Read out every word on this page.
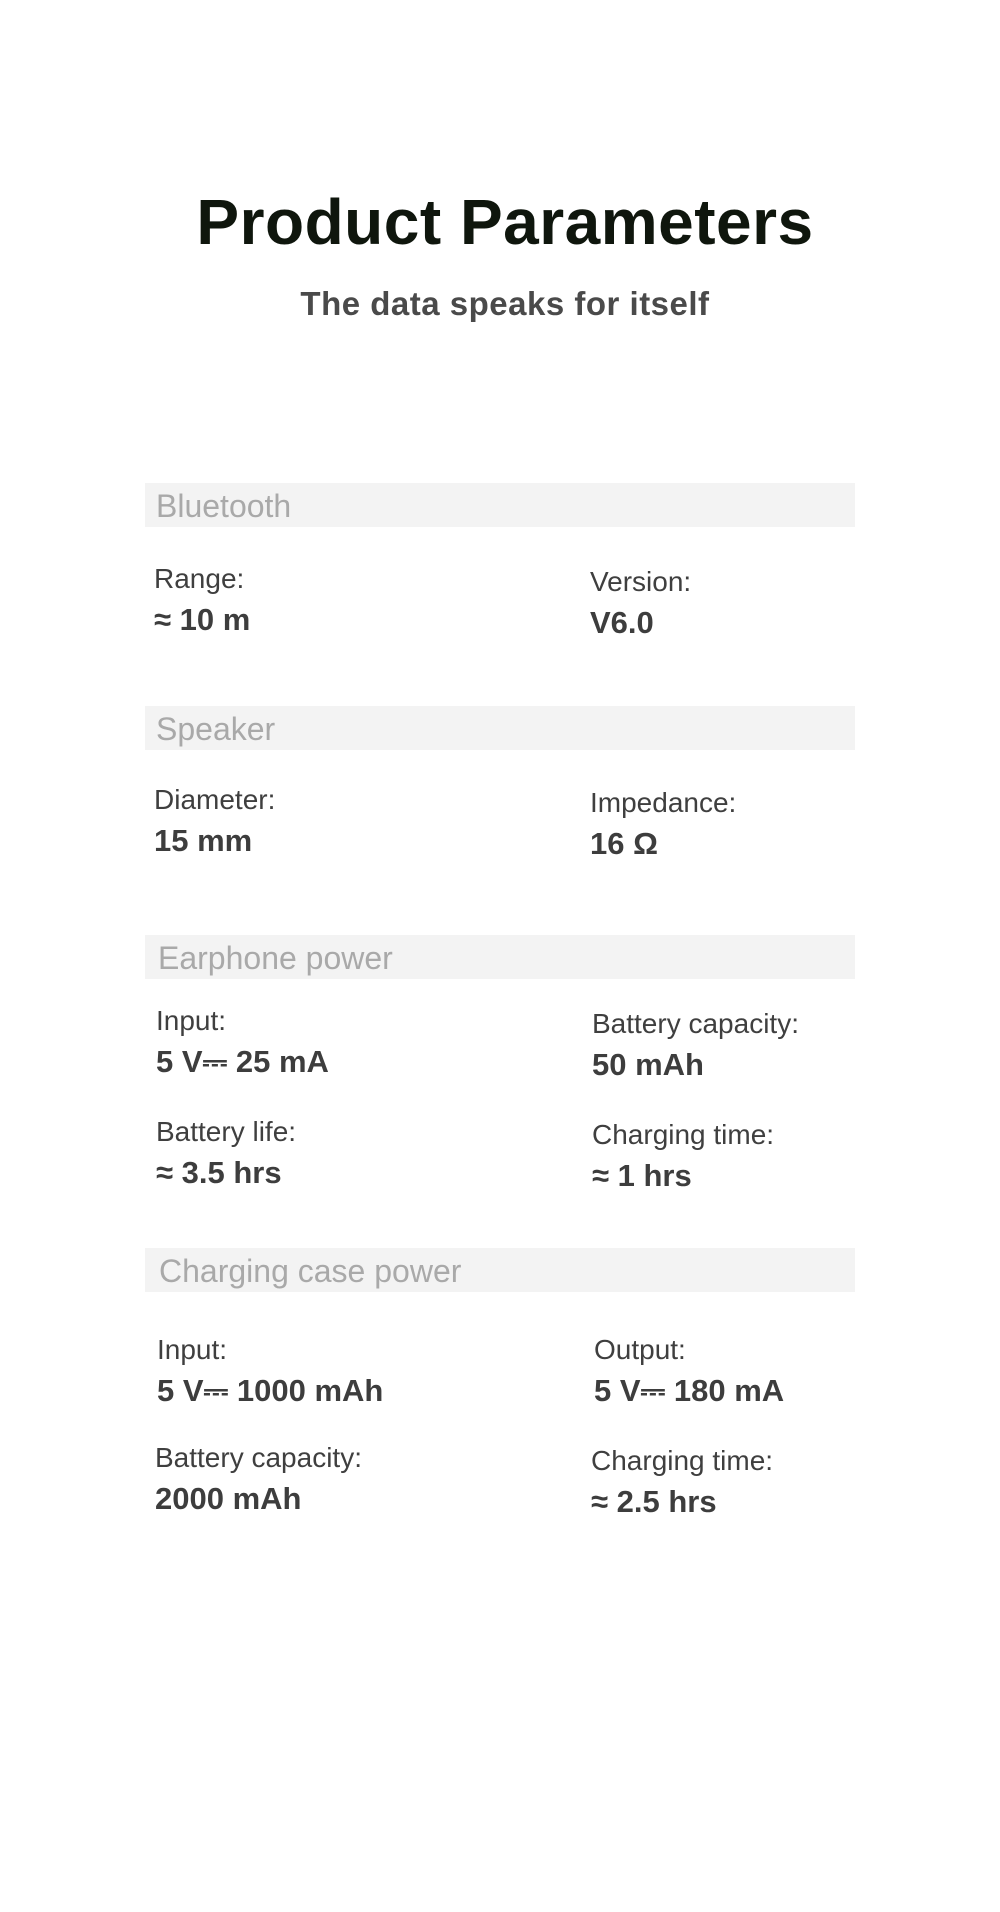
Product Parameters
The data speaks for itself
Bluetooth
Range:
≈ 10 m
Version:
V6.0
Speaker
Diameter:
15 mm
Impedance:
16 Ω
Earphone power
Input:
5 V⎓ 25 mA
Battery capacity:
50 mAh
Battery life:
≈ 3.5 hrs
Charging time:
≈ 1 hrs
Charging case power
Input:
5 V⎓ 1000 mAh
Output:
5 V⎓ 180 mA
Battery capacity:
2000 mAh
Charging time:
≈ 2.5 hrs
